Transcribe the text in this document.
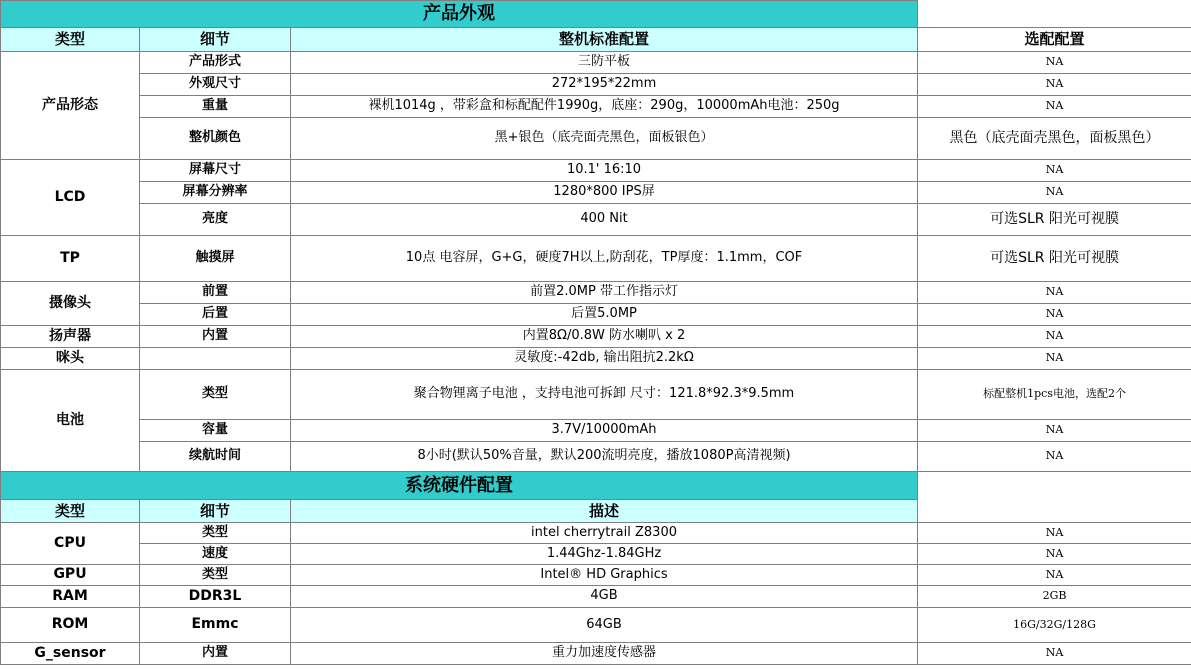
产品外观			
类型	细节	整机标准配置	选配配置
产品形态	产品形式	三防平板	NA
	外观尺寸	272*195*22mm	NA
	重量	裸机1014g ，带彩盒和标配配件1990g，底座：290g，10000mAh电池：250g	NA
	整机颜色	黑+银色（底壳面壳黑色，面板银色）	黑色（底壳面壳黑色，面板黑色）
LCD	屏幕尺寸	10.1' 16:10	NA
	屏幕分辨率	1280*800 IPS屏	NA
	亮度	400 Nit	可选SLR 阳光可视膜
TP	触摸屏	10点 电容屏，G+G，硬度7H以上,防刮花，TP厚度：1.1mm，COF	可选SLR 阳光可视膜
摄像头	前置	前置2.0MP 带工作指示灯	NA
	后置	后置5.0MP	NA
扬声器	内置	内置8Ω/0.8W 防水喇叭 x 2	NA
咪头		灵敏度:-42db, 输出阻抗2.2kΩ	NA
电池	类型	聚合物锂离子电池 ，支持电池可拆卸 尺寸：121.8*92.3*9.5mm	标配整机1pcs电池，选配2个
	容量	3.7V/10000mAh	NA
	续航时间	8小时(默认50%音量，默认200流明亮度，播放1080P高清视频)	NA
系统硬件配置			
类型	细节	描述	
CPU	类型	intel cherrytrail Z8300	NA
	速度	1.44Ghz-1.84GHz	NA
GPU	类型	Intel® HD Graphics	NA
RAM	DDR3L	4GB	2GB
ROM	Emmc	64GB	16G/32G/128G
G_sensor	内置	重力加速度传感器	NA
